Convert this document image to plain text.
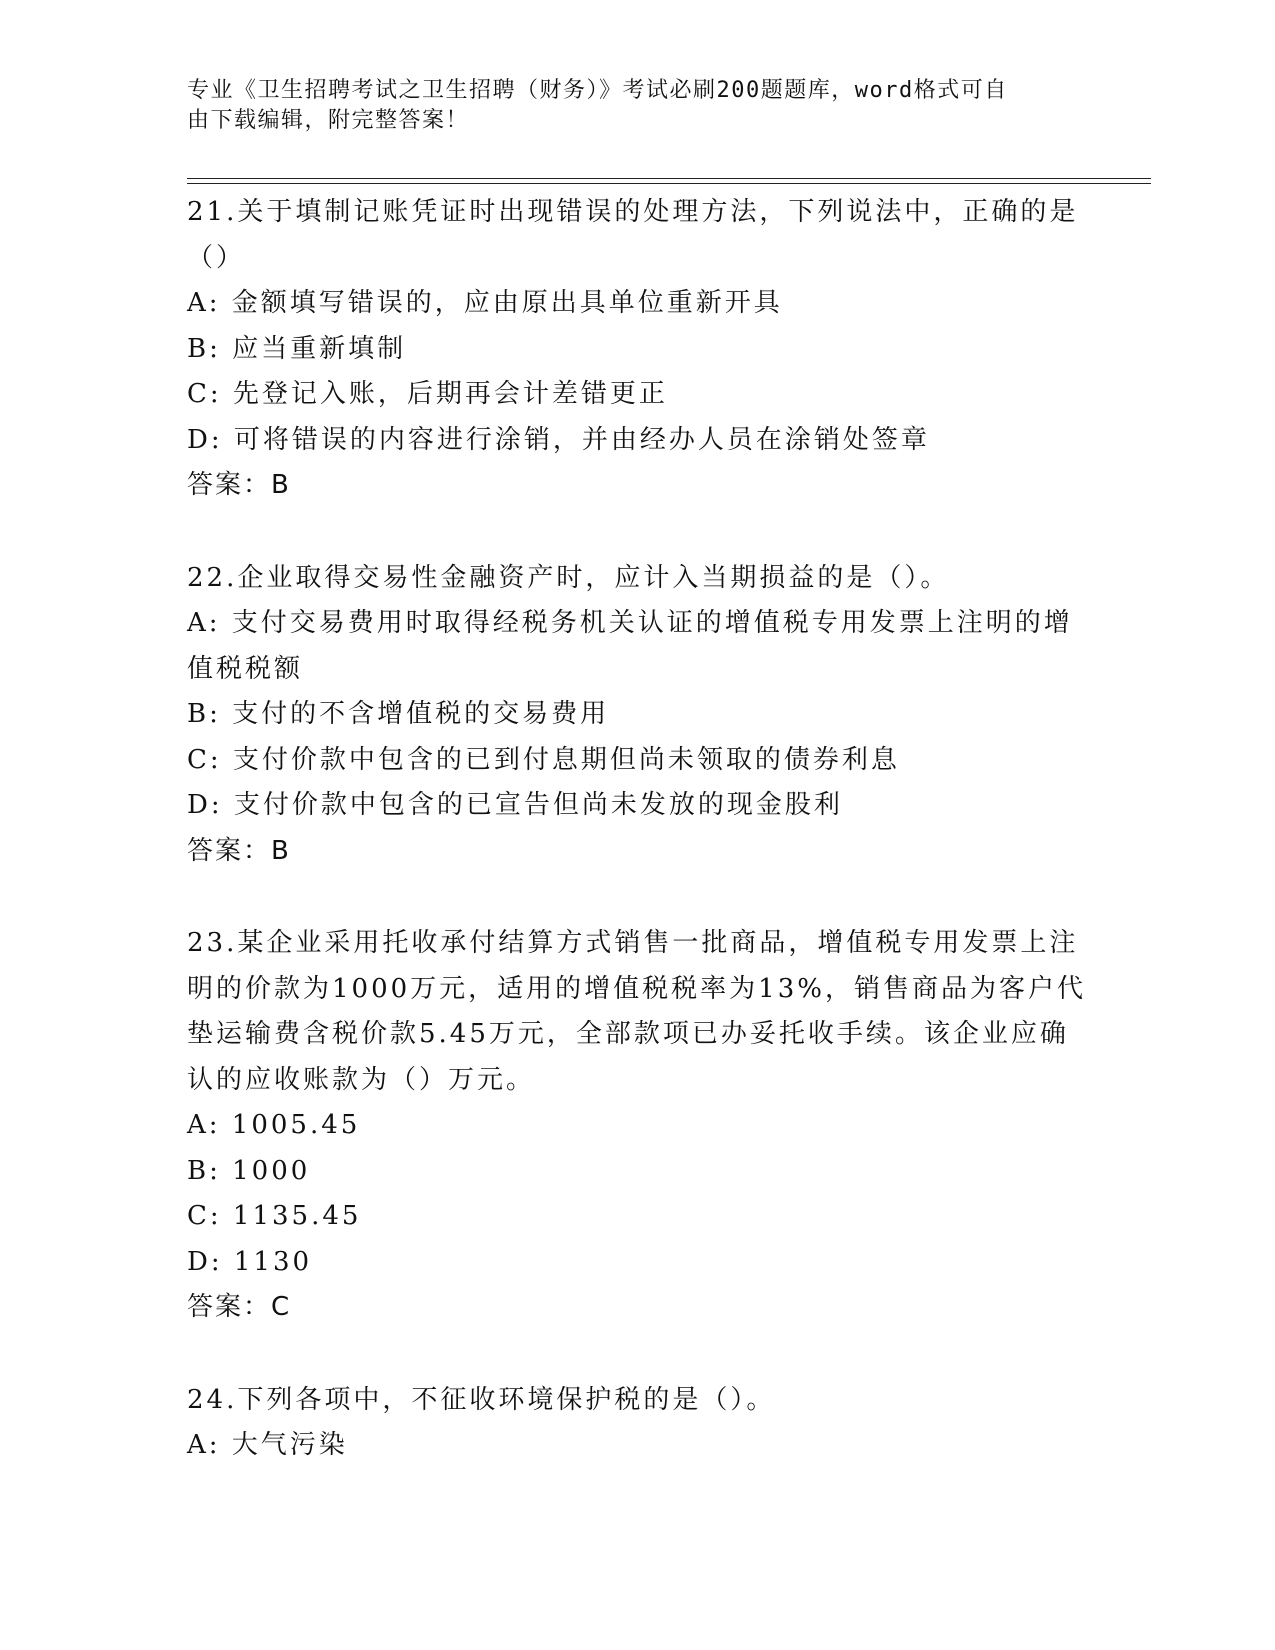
专业《卫生招聘考试之卫生招聘（财务）》考试必刷200题题库，word格式可自
由下载编辑，附完整答案！
21.关于填制记账凭证时出现错误的处理方法，下列说法中，正确的是
（）
A: 金额填写错误的，应由原出具单位重新开具
B: 应当重新填制
C: 先登记入账，后期再会计差错更正
D: 可将错误的内容进行涂销，并由经办人员在涂销处签章
答案：B
22.企业取得交易性金融资产时，应计入当期损益的是（）。
A: 支付交易费用时取得经税务机关认证的增值税专用发票上注明的增
值税税额
B: 支付的不含增值税的交易费用
C: 支付价款中包含的已到付息期但尚未领取的债券利息
D: 支付价款中包含的已宣告但尚未发放的现金股利
答案：B
23.某企业采用托收承付结算方式销售一批商品，增值税专用发票上注
明的价款为1000万元，适用的增值税税率为13%，销售商品为客户代
垫运输费含税价款5.45万元，全部款项已办妥托收手续。该企业应确
认的应收账款为（）万元。
A: 1005.45
B: 1000
C: 1135.45
D: 1130
答案：C
24.下列各项中，不征收环境保护税的是（）。
A: 大气污染
